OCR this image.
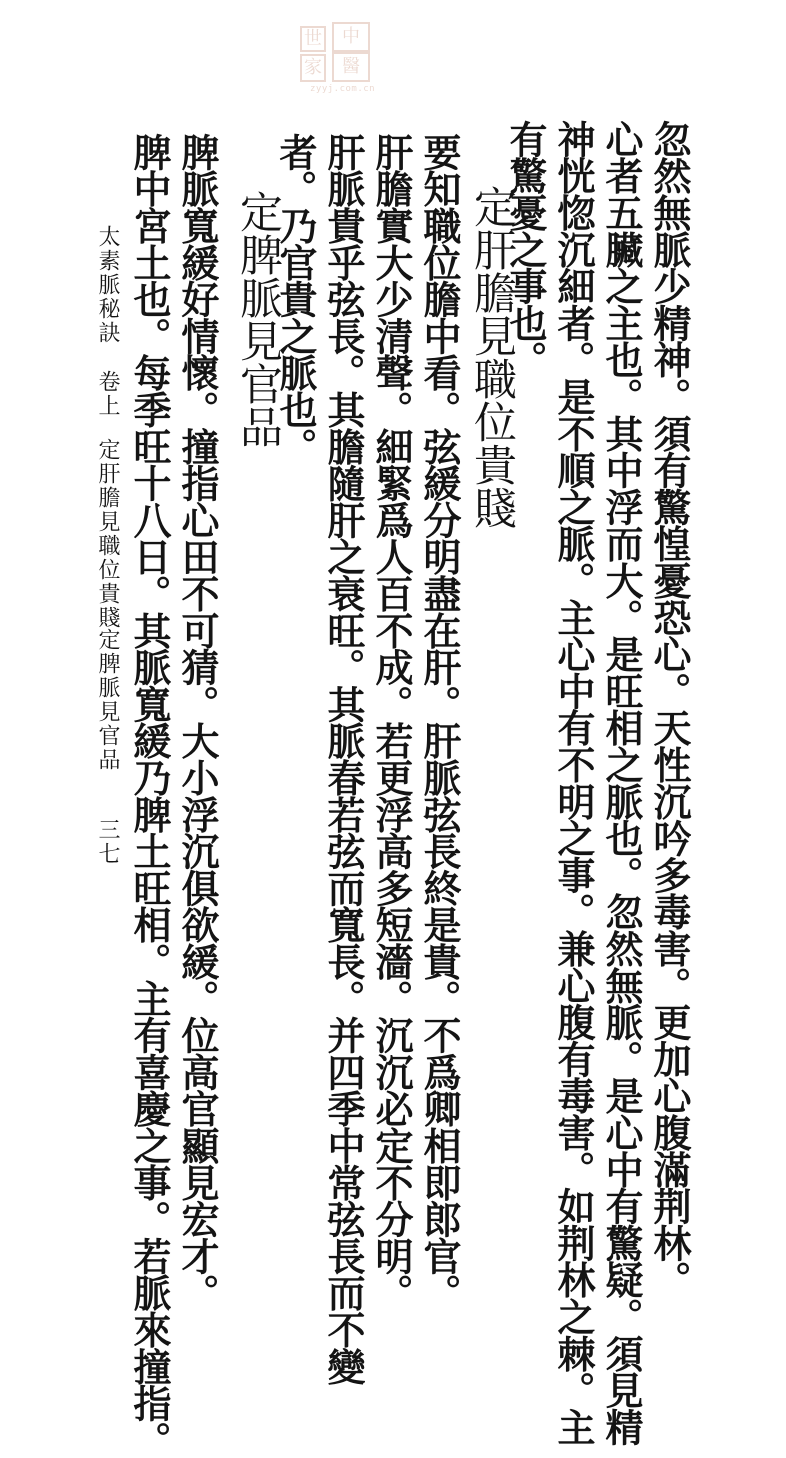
世	中
家	醫
zyyj.com.cn
忽然無脈少精神。須有驚惶憂恐心。天性沉吟多毒害。更加心腹滿荆林。
心者五臟之主也。其中浮而大。是旺相之脈也。忽然無脈。是心中有驚疑。須見精
神恍惚沉細者。是不順之脈。主心中有不明之事。兼心腹有毒害。如荆林之棘。主
有驚憂之事也。
定肝膽見職位貴賤
要知職位膽中看。弦緩分明盡在肝。肝脈弦長終是貴。不爲卿相即郎官。
肝膽實大少清聲。細緊爲人百不成。若更浮高多短濇。沉沉必定不分明。
肝脈貴乎弦長。其膽隨肝之衰旺。其脈春若弦而寬長。并四季中常弦長而不變
者。乃官貴之脈也。
定脾脈見官品
脾脈寬緩好情懷。撞指心田不可猜。大小浮沉俱欲緩。位高官顯見宏才。
脾中宮土也。每季旺十八日。其脈寬緩乃脾土旺相。主有喜慶之事。若脈來撞指。
太素脈秘訣
卷上
定肝膽見職位貴賤
定脾脈見官品
三七
